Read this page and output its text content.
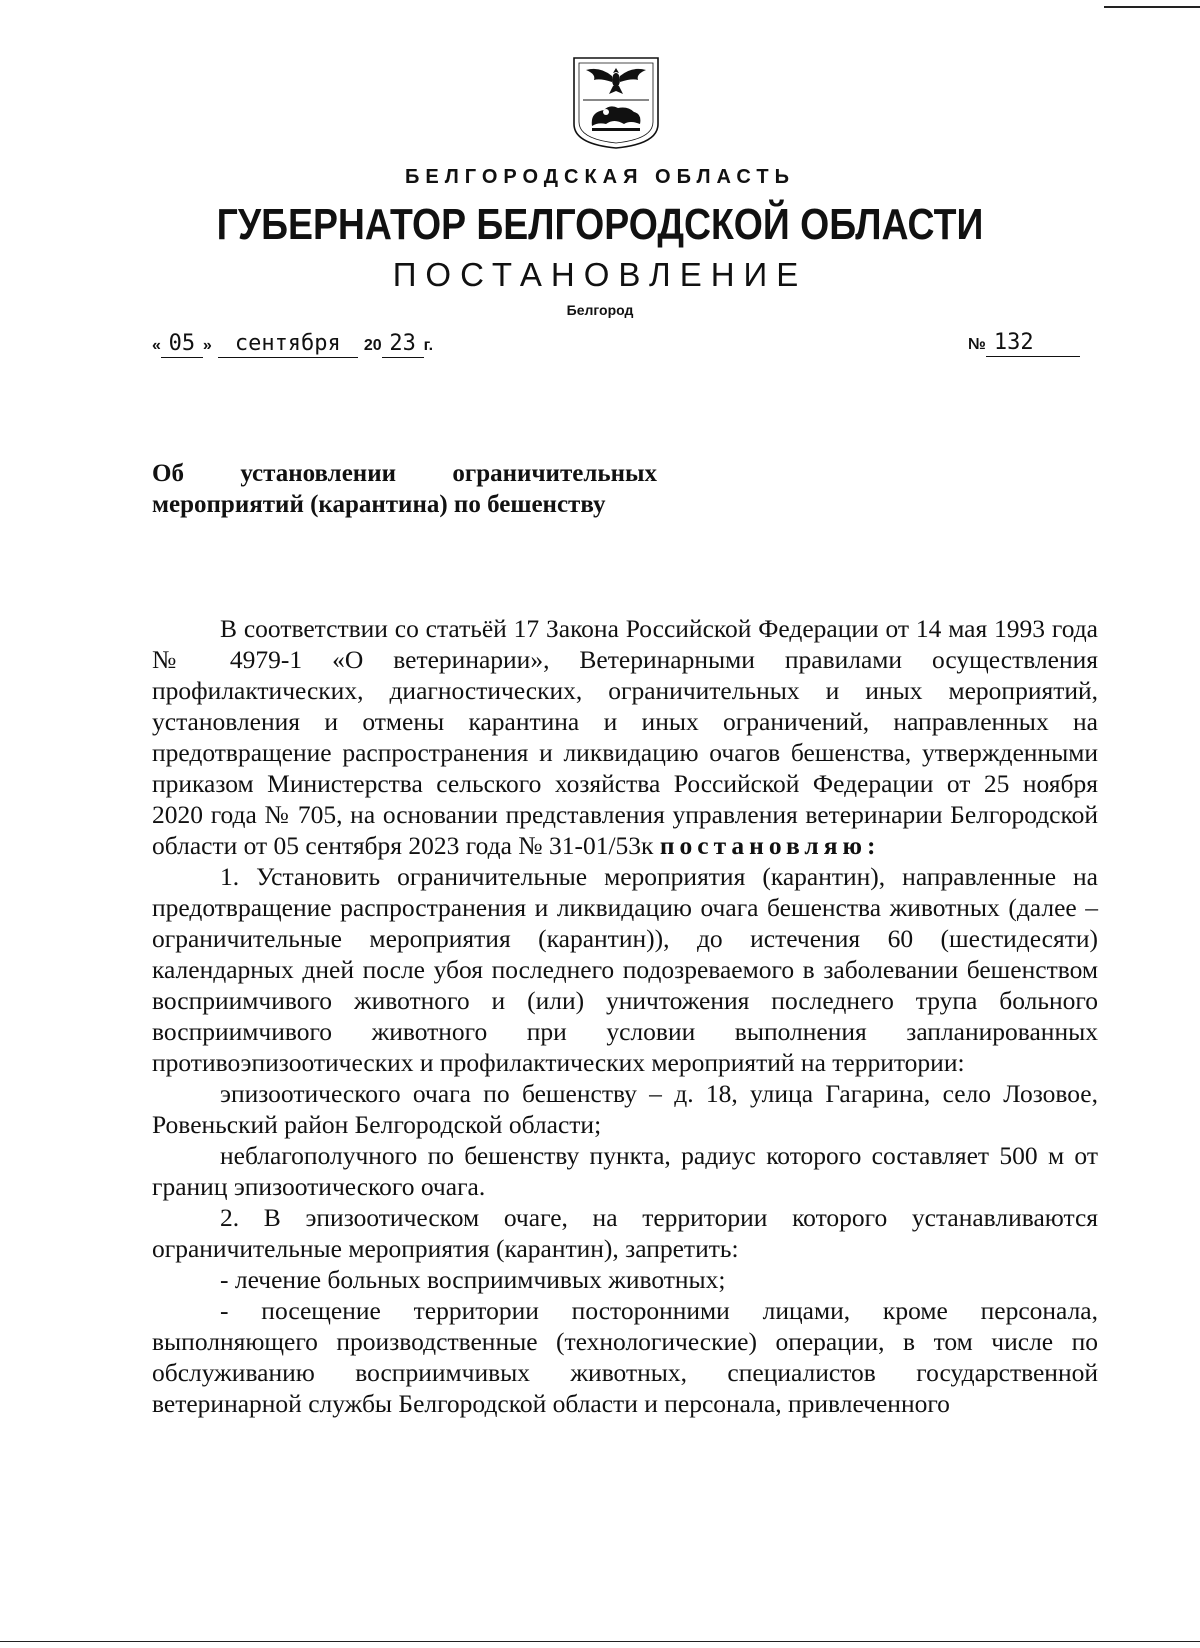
БЕЛГОРОДСКАЯ ОБЛАСТЬ
ГУБЕРНАТОР БЕЛГОРОДСКОЙ ОБЛАСТИ
ПОСТАНОВЛЕНИЕ
Белгород
« 05 » сентября 20 23 г.	№ 132
Об установлении ограничительных
мероприятий (карантина) по бешенству

В соответствии со статьёй 17 Закона Российской Федерации от 14 мая 1993 года № 4979-1 «О ветеринарии», Ветеринарными правилами осуществления профилактических, диагностических, ограничительных и иных мероприятий, установления и отмены карантина и иных ограничений, направленных на предотвращение распространения и ликвидацию очагов бешенства, утвержденными приказом Министерства сельского хозяйства Российской Федерации от 25 ноября 2020 года № 705, на основании представления управления ветеринарии Белгородской области от 05 сентября 2023 года № 31-01/53к постановляю:

1. Установить ограничительные мероприятия (карантин), направленные на предотвращение распространения и ликвидацию очага бешенства животных (далее – ограничительные мероприятия (карантин)), до истечения 60 (шестидесяти) календарных дней после убоя последнего подозреваемого в заболевании бешенством восприимчивого животного и (или) уничтожения последнего трупа больного восприимчивого животного при условии выполнения запланированных противоэпизоотических и профилактических мероприятий на территории:

эпизоотического очага по бешенству – д. 18, улица Гагарина, село Лозовое, Ровеньский район Белгородской области;

неблагополучного по бешенству пункта, радиус которого составляет 500 м от границ эпизоотического очага.

2. В эпизоотическом очаге, на территории которого устанавливаются ограничительные мероприятия (карантин), запретить:

- лечение больных восприимчивых животных;

- посещение территории посторонними лицами, кроме персонала, выполняющего производственные (технологические) операции, в том числе по обслуживанию восприимчивых животных, специалистов государственной ветеринарной службы Белгородской области и персонала, привлеченного
